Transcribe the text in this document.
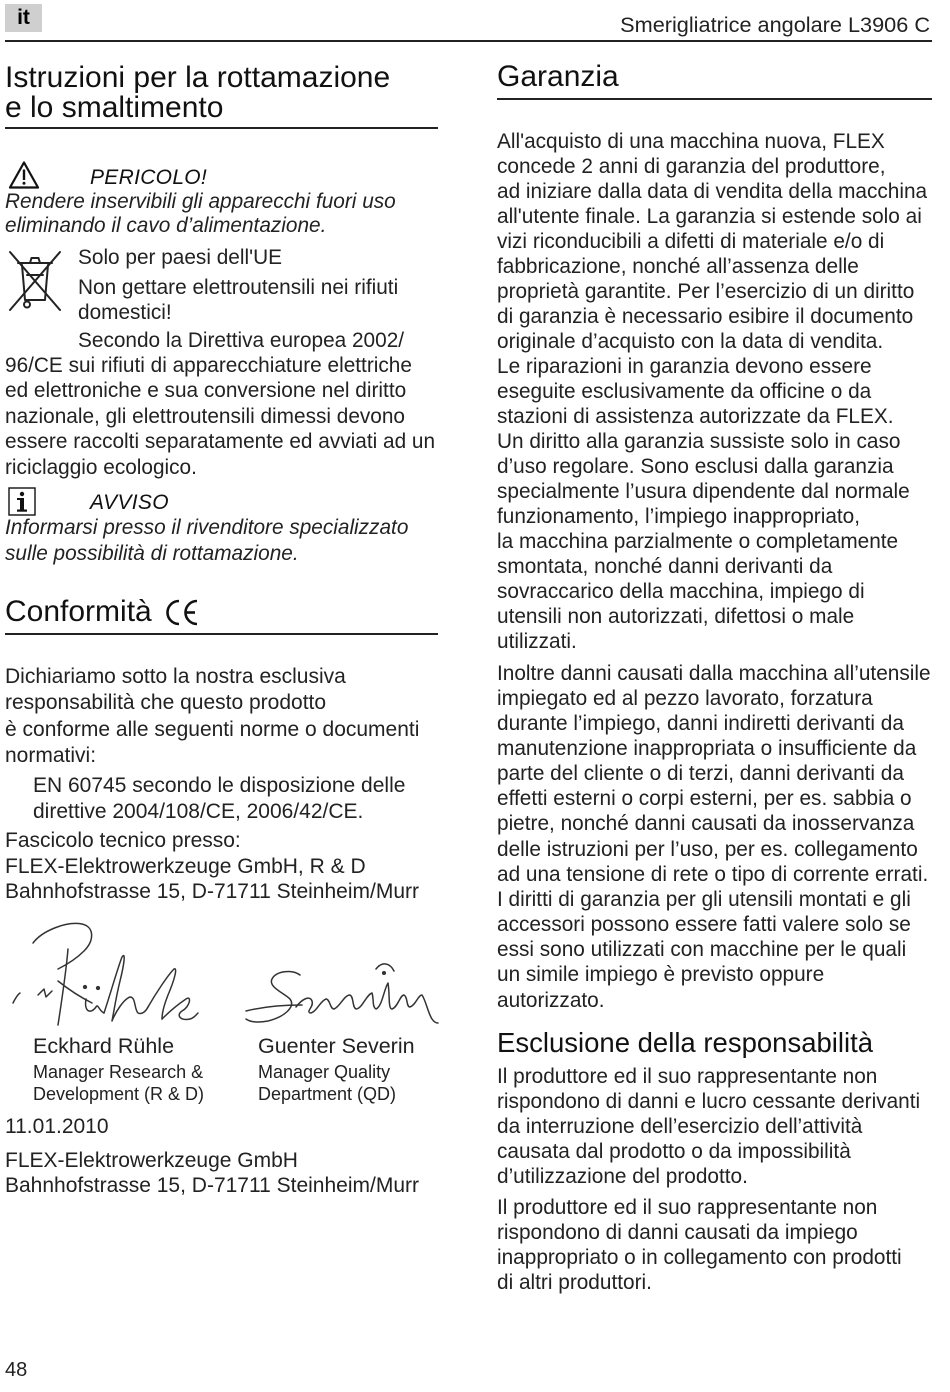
it	Smerigliatrice angolare L3906 C
Istruzioni per la rottamazione
e lo smaltimento
PERICOLO!
Rendere inservibili gli apparecchi fuori uso
eliminando il cavo d’alimentazione.
Solo per paesi dell'UE
Non gettare elettroutensili nei rifiuti
domestici!
Secondo la Direttiva europea 2002/
96/CE sui rifiuti di apparecchiature elettriche
ed elettroniche e sua conversione nel diritto
nazionale, gli elettroutensili dimessi devono
essere raccolti separatamente ed avviati ad un
riciclaggio ecologico.
AVVISO
Informarsi presso il rivenditore specializzato
sulle possibilità di rottamazione.
Conformità
Dichiariamo sotto la nostra esclusiva
responsabilità che questo prodotto
è conforme alle seguenti norme o documenti
normativi:
EN 60745 secondo le disposizione delle
direttive 2004/108/CE, 2006/42/CE.
Fascicolo tecnico presso:
FLEX-Elektrowerkzeuge GmbH, R & D
Bahnhofstrasse 15, D-71711 Steinheim/Murr
Eckhard Rühle
Manager Research &
Development (R & D)
Guenter Severin
Manager Quality
Department (QD)
11.01.2010
FLEX-Elektrowerkzeuge GmbH
Bahnhofstrasse 15, D-71711 Steinheim/Murr
48
Garanzia
All'acquisto di una macchina nuova, FLEX
concede 2 anni di garanzia del produttore,
ad iniziare dalla data di vendita della macchina
all'utente finale. La garanzia si estende solo ai
vizi riconducibili a difetti di materiale e/o di
fabbricazione, nonché all’assenza delle
proprietà garantite. Per l’esercizio di un diritto
di garanzia è necessario esibire il documento
originale d’acquisto con la data di vendita.
Le riparazioni in garanzia devono essere
eseguite esclusivamente da officine o da
stazioni di assistenza autorizzate da FLEX.
Un diritto alla garanzia sussiste solo in caso
d’uso regolare. Sono esclusi dalla garanzia
specialmente l’usura dipendente dal normale
funzionamento, l’impiego inappropriato,
la macchina parzialmente o completamente
smontata, nonché danni derivanti da
sovraccarico della macchina, impiego di
utensili non autorizzati, difettosi o male
utilizzati.
Inoltre danni causati dalla macchina all’utensile
impiegato ed al pezzo lavorato, forzatura
durante l’impiego, danni indiretti derivanti da
manutenzione inappropriata o insufficiente da
parte del cliente o di terzi, danni derivanti da
effetti esterni o corpi esterni, per es. sabbia o
pietre, nonché danni causati da inosservanza
delle istruzioni per l’uso, per es. collegamento
ad una tensione di rete o tipo di corrente errati.
I diritti di garanzia per gli utensili montati e gli
accessori possono essere fatti valere solo se
essi sono utilizzati con macchine per le quali
un simile impiego è previsto oppure
autorizzato.
Esclusione della responsabilità
Il produttore ed il suo rappresentante non
rispondono di danni e lucro cessante derivanti
da interruzione dell’esercizio dell’attività
causata dal prodotto o da impossibilità
d’utilizzazione del prodotto.
Il produttore ed il suo rappresentante non
rispondono di danni causati da impiego
inappropriato o in collegamento con prodotti
di altri produttori.
